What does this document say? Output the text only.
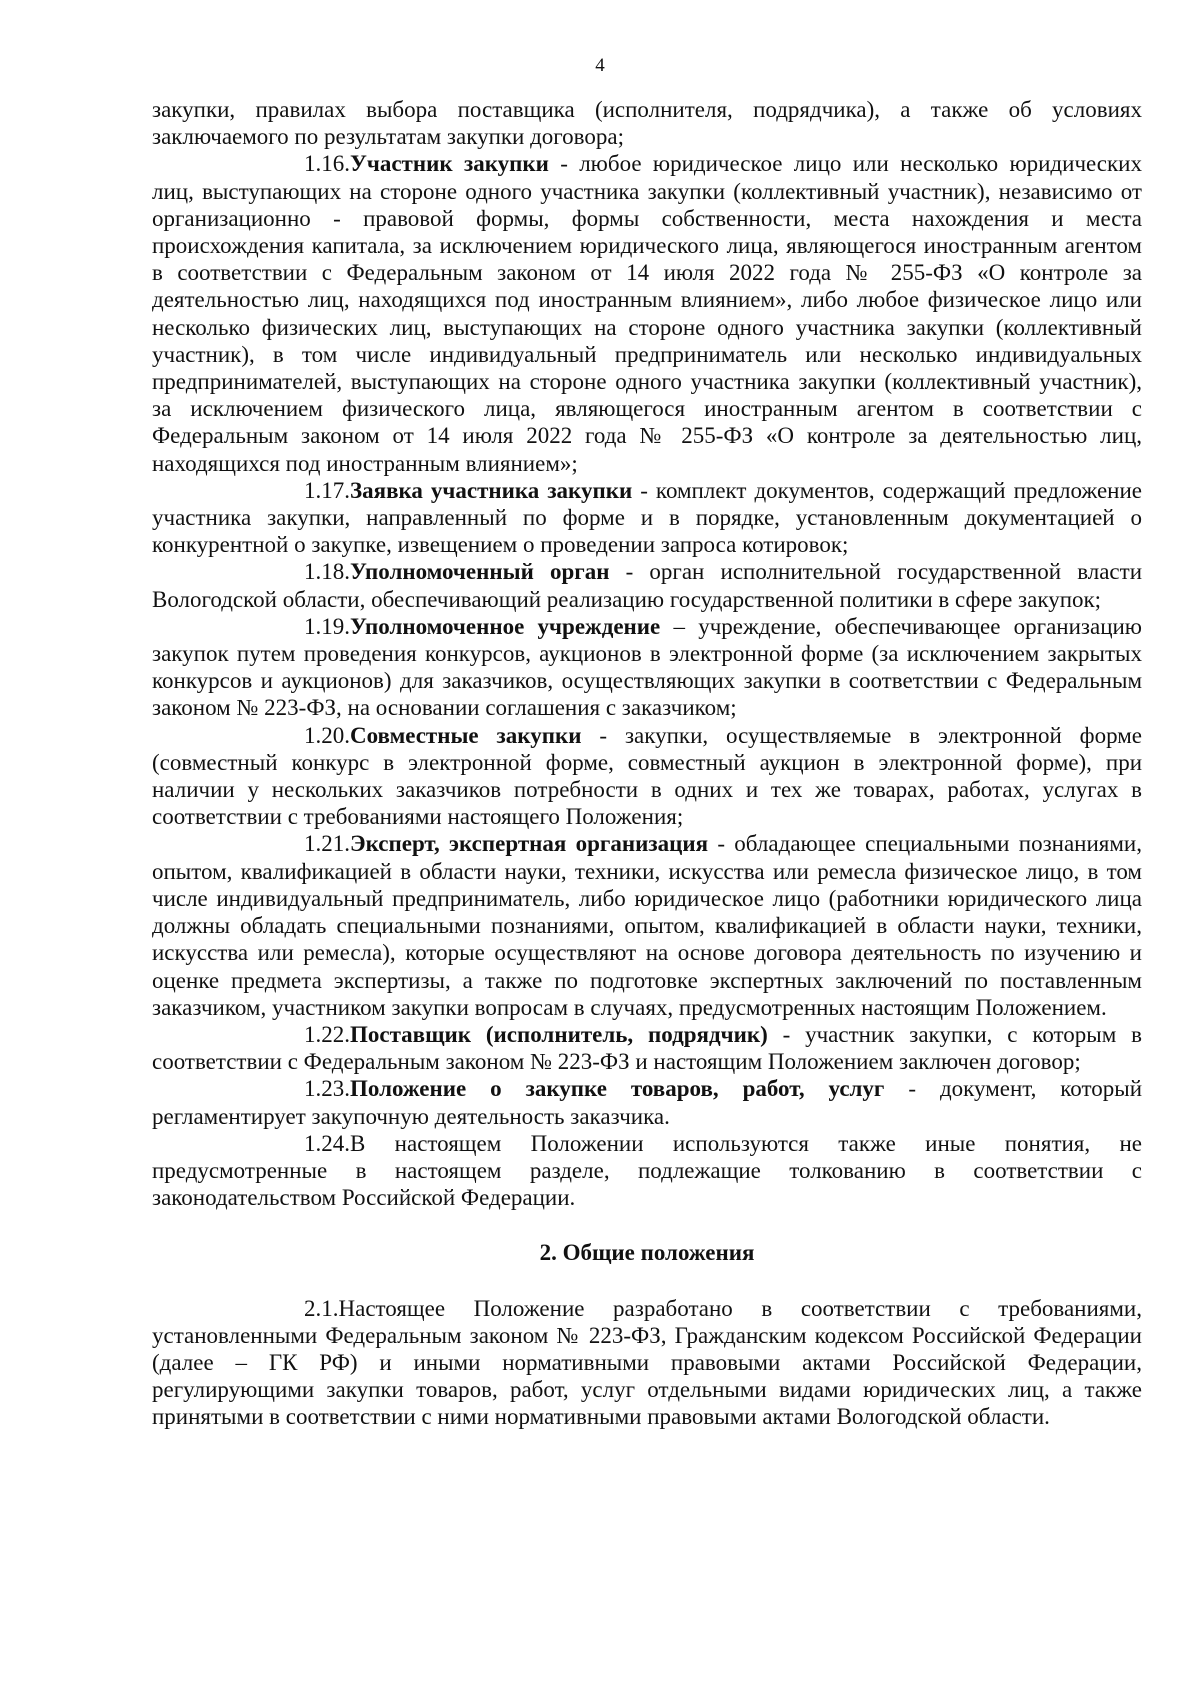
4

закупки, правилах выбора поставщика (исполнителя, подрядчика), а также об условиях заключаемого по результатам закупки договора;

1.16.Участник закупки - любое юридическое лицо или несколько юридических лиц, выступающих на стороне одного участника закупки (коллективный участник), независимо от организационно - правовой формы, формы собственности, места нахождения и места происхождения капитала, за исключением юридического лица, являющегося иностранным агентом в соответствии с Федеральным законом от 14 июля 2022 года № 255-ФЗ «О контроле за деятельностью лиц, находящихся под иностранным влиянием», либо любое физическое лицо или несколько физических лиц, выступающих на стороне одного участника закупки (коллективный участник), в том числе индивидуальный предприниматель или несколько индивидуальных предпринимателей, выступающих на стороне одного участника закупки (коллективный участник), за исключением физического лица, являющегося иностранным агентом в соответствии с Федеральным законом от 14 июля 2022 года № 255-ФЗ «О контроле за деятельностью лиц, находящихся под иностранным влиянием»;

1.17.Заявка участника закупки - комплект документов, содержащий предложение участника закупки, направленный по форме и в порядке, установленным документацией о конкурентной о закупке, извещением о проведении запроса котировок;

1.18.Уполномоченный орган - орган исполнительной государственной власти Вологодской области, обеспечивающий реализацию государственной политики в сфере закупок;

1.19.Уполномоченное учреждение – учреждение, обеспечивающее организацию закупок путем проведения конкурсов, аукционов в электронной форме (за исключением закрытых конкурсов и аукционов) для заказчиков, осуществляющих закупки в соответствии с Федеральным законом № 223-ФЗ, на основании соглашения с заказчиком;

1.20.Совместные закупки - закупки, осуществляемые в электронной форме (совместный конкурс в электронной форме, совместный аукцион в электронной форме), при наличии у нескольких заказчиков потребности в одних и тех же товарах, работах, услугах в соответствии с требованиями настоящего Положения;

1.21.Эксперт, экспертная организация - обладающее специальными познаниями, опытом, квалификацией в области науки, техники, искусства или ремесла физическое лицо, в том числе индивидуальный предприниматель, либо юридическое лицо (работники юридического лица должны обладать специальными познаниями, опытом, квалификацией в области науки, техники, искусства или ремесла), которые осуществляют на основе договора деятельность по изучению и оценке предмета экспертизы, а также по подготовке экспертных заключений по поставленным заказчиком, участником закупки вопросам в случаях, предусмотренных настоящим Положением.

1.22.Поставщик (исполнитель, подрядчик) - участник закупки, с которым в соответствии с Федеральным законом № 223-ФЗ и настоящим Положением заключен договор;

1.23.Положение о закупке товаров, работ, услуг - документ, который регламентирует закупочную деятельность заказчика.

1.24.В настоящем Положении используются также иные понятия, не предусмотренные в настоящем разделе, подлежащие толкованию в соответствии с законодательством Российской Федерации.

2. Общие положения

2.1.Настоящее Положение разработано в соответствии с требованиями, установленными Федеральным законом № 223-ФЗ, Гражданским кодексом Российской Федерации (далее – ГК РФ) и иными нормативными правовыми актами Российской Федерации, регулирующими закупки товаров, работ, услуг отдельными видами юридических лиц, а также принятыми в соответствии с ними нормативными правовыми актами Вологодской области.
